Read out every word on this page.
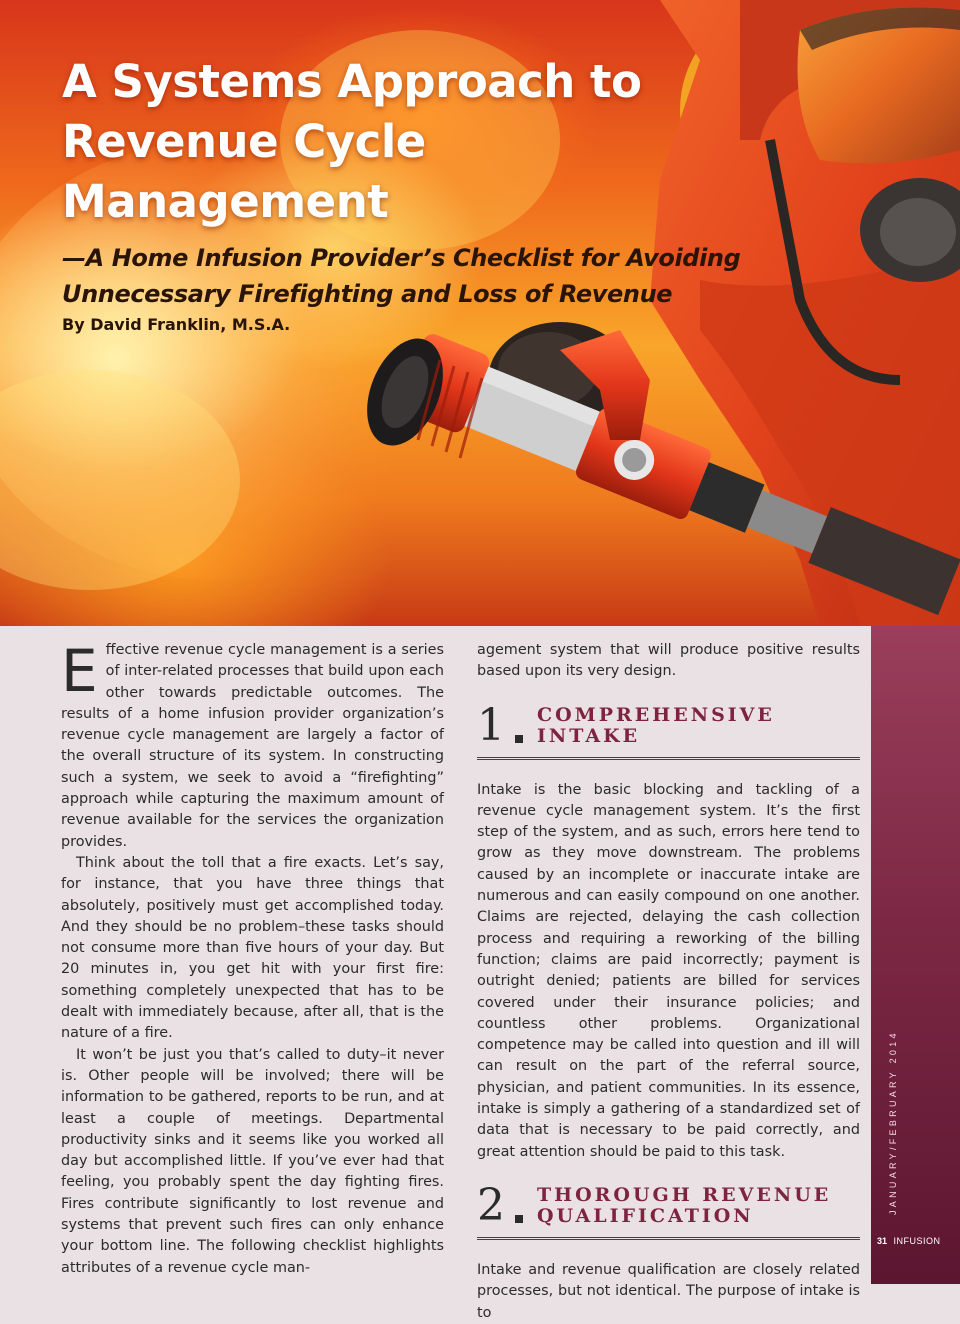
A Systems Approach to
Revenue Cycle Management
—A Home Infusion Provider’s Checklist for Avoiding
Unnecessary Firefighting and Loss of Revenue
By David Franklin, M.S.A.

Effective revenue cycle management is a series of inter-related processes that build upon each other towards predictable outcomes. The results of a home infusion provider organization’s revenue cycle management are largely a factor of the overall structure of its system. In constructing such a system, we seek to avoid a “firefighting” approach while capturing the maximum amount of revenue available for the services the organization provides.

Think about the toll that a fire exacts. Let’s say, for instance, that you have three things that absolutely, positively must get accomplished today. And they should be no problem–these tasks should not consume more than five hours of your day. But 20 minutes in, you get hit with your first fire: something completely unexpected that has to be dealt with immediately because, after all, that is the nature of a fire.

It won’t be just you that’s called to duty–it never is. Other people will be involved; there will be information to be gathered, reports to be run, and at least a couple of meetings. Departmental productivity sinks and it seems like you worked all day but accomplished little. If you’ve ever had that feeling, you probably spent the day fighting fires. Fires contribute significantly to lost revenue and systems that prevent such fires can only enhance your bottom line. The following checklist highlights attributes of a revenue cycle man-

agement system that will produce positive results based upon its very design.

1 COMPREHENSIVE
INTAKE

Intake is the basic blocking and tackling of a revenue cycle management system. It’s the first step of the system, and as such, errors here tend to grow as they move downstream. The problems caused by an incomplete or inaccurate intake are numerous and can easily compound on one another. Claims are rejected, delaying the cash collection process and requiring a reworking of the billing function; claims are paid incorrectly; payment is outright denied; patients are billed for services covered under their insurance policies; and countless other problems. Organizational competence may be called into question and ill will can result on the part of the referral source, physician, and patient communities. In its essence, intake is simply a gathering of a standardized set of data that is necessary to be paid correctly, and great attention should be paid to this task.

2 THOROUGH REVENUE
QUALIFICATION

Intake and revenue qualification are closely related processes, but not identical. The purpose of intake is to

JANUARY/FEBRUARY 2014
31 INFUSION
